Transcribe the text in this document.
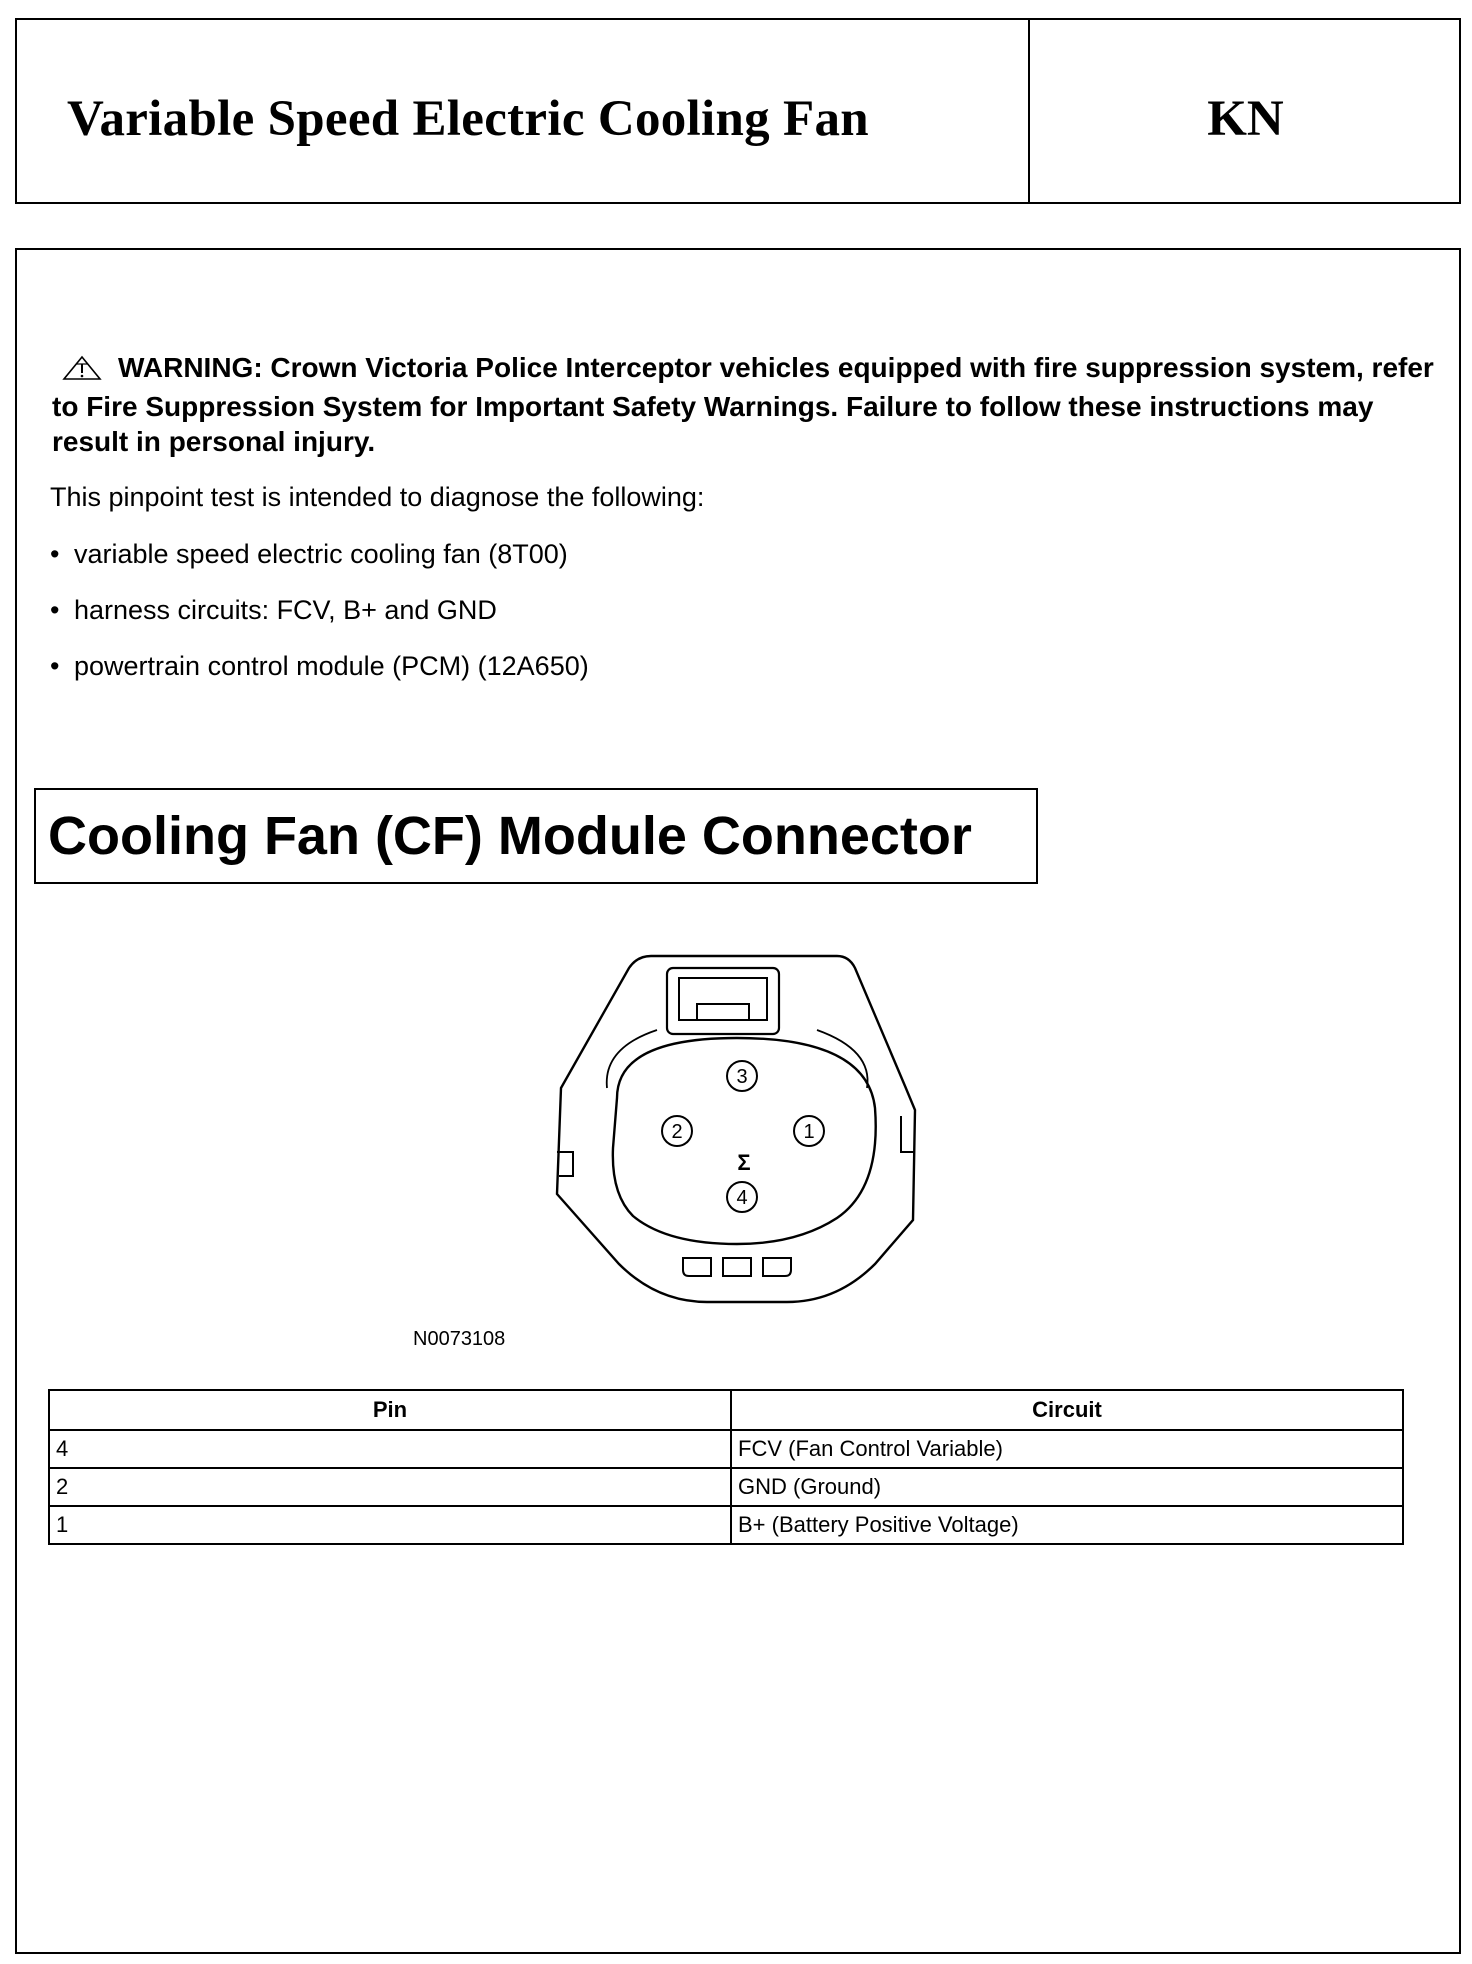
Variable Speed Electric Cooling Fan	KN
WARNING: Crown Victoria Police Interceptor vehicles equipped with fire suppression system, refer to Fire Suppression System for Important Safety Warnings. Failure to follow these instructions may result in personal injury.
This pinpoint test is intended to diagnose the following:
• variable speed electric cooling fan (8T00)
• harness circuits: FCV, B+ and GND
• powertrain control module (PCM) (12A650)
Cooling Fan (CF) Module Connector
3
2	1
Σ
4
N0073108
Pin	Circuit
4	FCV (Fan Control Variable)
2	GND (Ground)
1	B+ (Battery Positive Voltage)
